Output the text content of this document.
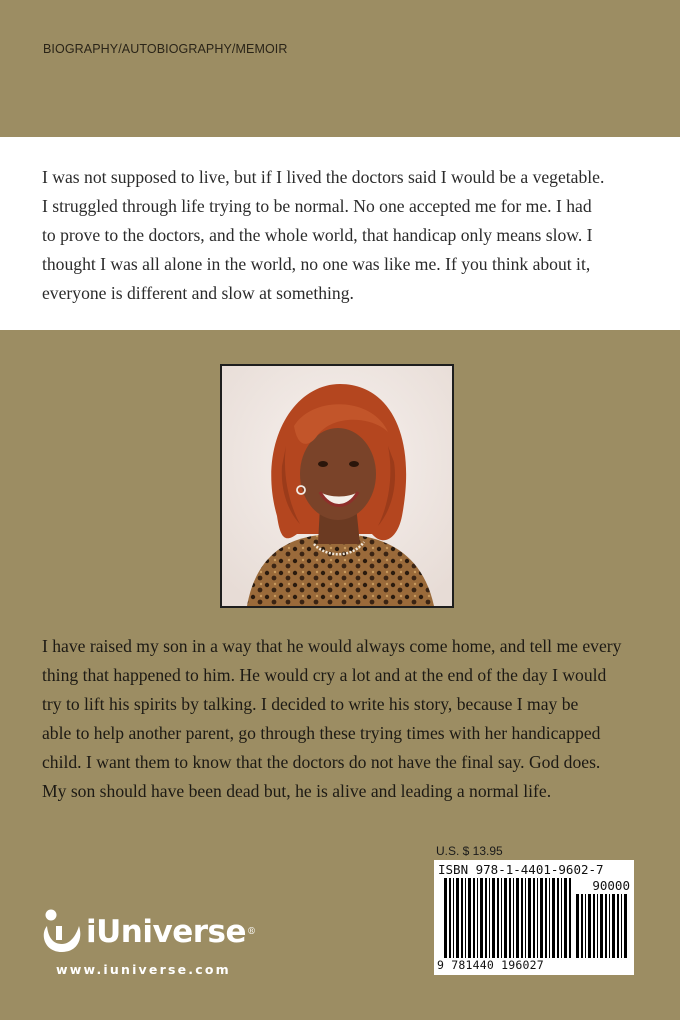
BIOGRAPHY/AUTOBIOGRAPHY/MEMOIR
I was not supposed to live, but if I lived the doctors said I would be a vegetable.
I struggled through life trying to be normal. No one accepted me for me. I had
to prove to the doctors, and the whole world, that handicap only means slow. I
thought I was all alone in the world, no one was like me. If you think about it,
everyone is different and slow at something.
I have raised my son in a way that he would always come home, and tell me every
thing that happened to him. He would cry a lot and at the end of the day I would
try to lift his spirits by talking. I decided to write his story, because I may be
able to help another parent, go through these trying times with her handicapped
child. I want them to know that the doctors do not have the final say. God does.
My son should have been dead but, he is alive and leading a normal life.
U.S. $ 13.95
ISBN 978-1-4401-9602-7
90000
9 781440 196027
iUniverse ®
www.iuniverse.com
